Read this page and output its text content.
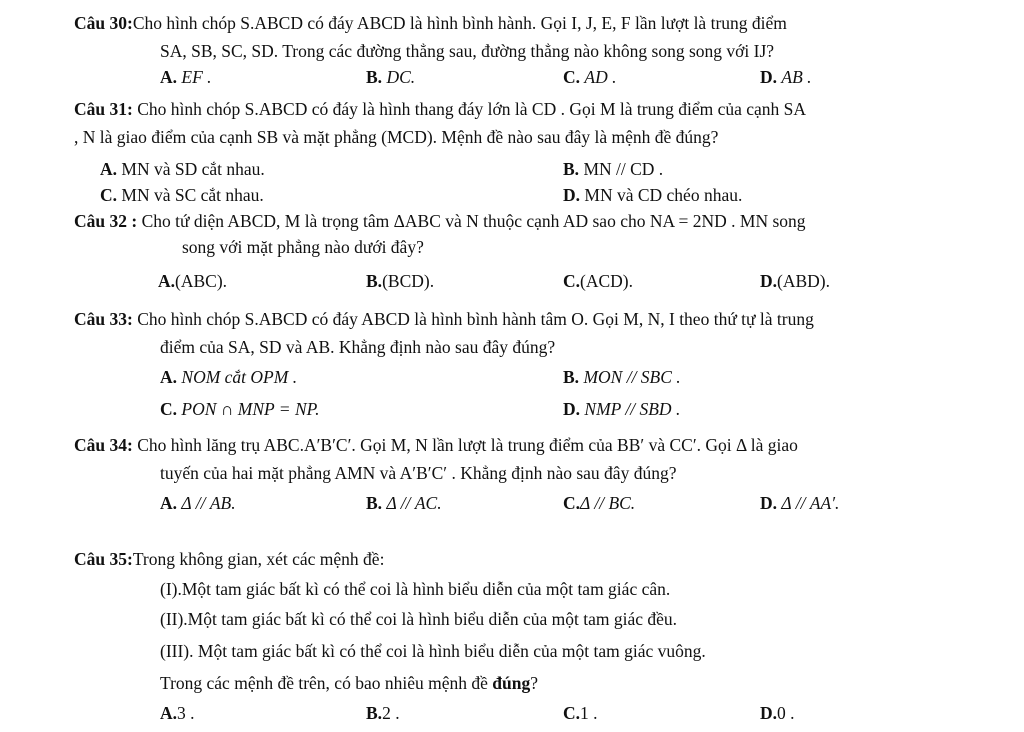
Câu 30:Cho hình chóp S.ABCD có đáy ABCD là hình bình hành. Gọi I, J, E, F lần lượt là trung điểm
SA, SB, SC, SD. Trong các đường thẳng sau, đường thẳng nào không song song với IJ?
A. EF .	B. DC.	C. AD .	D. AB .
Câu 31: Cho hình chóp S.ABCD có đáy là hình thang đáy lớn là CD . Gọi M là trung điểm của cạnh SA
, N là giao điểm của cạnh SB và mặt phẳng (MCD). Mệnh đề nào sau đây là mệnh đề đúng?
A. MN và SD cắt nhau.	B. MN // CD .
C. MN và SC cắt nhau.	D. MN và CD chéo nhau.
Câu 32 : Cho tứ diện ABCD, M là trọng tâm ΔABC và N thuộc cạnh AD sao cho NA = 2ND . MN song
song với mặt phẳng nào dưới đây?
A.(ABC).	B.(BCD).	C.(ACD).	D.(ABD).
Câu 33: Cho hình chóp S.ABCD có đáy ABCD là hình bình hành tâm O. Gọi M, N, I theo thứ tự là trung
điểm của SA, SD và AB. Khẳng định nào sau đây đúng?
A. NOM cắt OPM .	B. MON // SBC .
C. PON ∩ MNP = NP.	D. NMP // SBD .
Câu 34: Cho hình lăng trụ ABC.A′B′C′. Gọi M, N lần lượt là trung điểm của BB′ và CC′. Gọi Δ là giao
tuyến của hai mặt phẳng AMN và A′B′C′ . Khẳng định nào sau đây đúng?
A. Δ // AB.	B. Δ // AC.	C.Δ // BC.	D. Δ // AA′.
Câu 35:Trong không gian, xét các mệnh đề:
(I).Một tam giác bất kì có thể coi là hình biểu diễn của một tam giác cân.
(II).Một tam giác bất kì có thể coi là hình biểu diễn của một tam giác đều.
(III). Một tam giác bất kì có thể coi là hình biểu diễn của một tam giác vuông.
Trong các mệnh đề trên, có bao nhiêu mệnh đề đúng?
A.3 .	B.2 .	C.1 .	D.0 .
